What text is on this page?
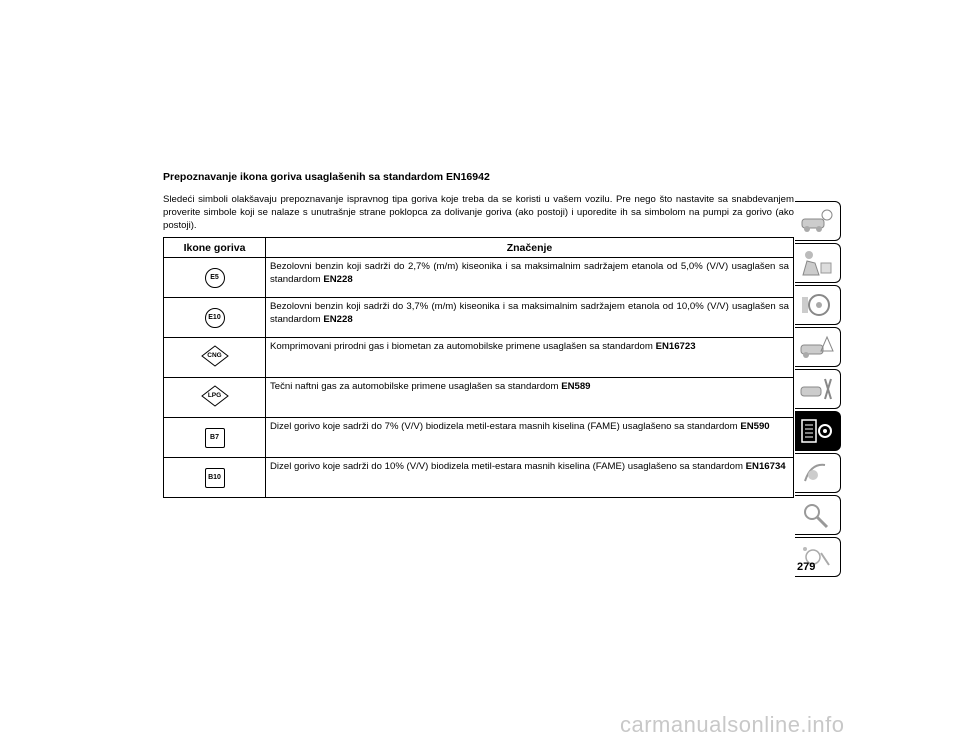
Prepoznavanje ikona goriva usaglašenih sa standardom EN16942
Sledeći simboli olakšavaju prepoznavanje ispravnog tipa goriva koje treba da se koristi u vašem vozilu. Pre nego što nastavite sa snabdevanjem proverite simbole koji se nalaze s unutrašnje strane poklopca za dolivanje goriva (ako postoji) i uporedite ih sa simbolom na pumpi za gorivo (ako postoji).
Ikone goriva	Značenje
E5	Bezolovni benzin koji sadrži do 2,7% (m/m) kiseonika i sa maksimalnim sadržajem etanola od 5,0% (V/V) usaglašen sa standardom EN228
E10	Bezolovni benzin koji sadrži do 3,7% (m/m) kiseonika i sa maksimalnim sadržajem etanola od 10,0% (V/V) usaglašen sa standardom EN228

CNG	Komprimovani prirodni gas i biometan za automobilske primene usaglašen sa standardom EN16723

LPG	Tečni naftni gas za automobilske primene usaglašen sa standardom EN589
B7	Dizel gorivo koje sadrži do 7% (V/V) biodizela metil-estara masnih kiselina (FAME) usaglašeno sa standardom EN590
B10	Dizel gorivo koje sadrži do 10% (V/V) biodizela metil-estara masnih kiselina (FAME) usaglašeno sa standardom EN16734
279
carmanualsonline.info
